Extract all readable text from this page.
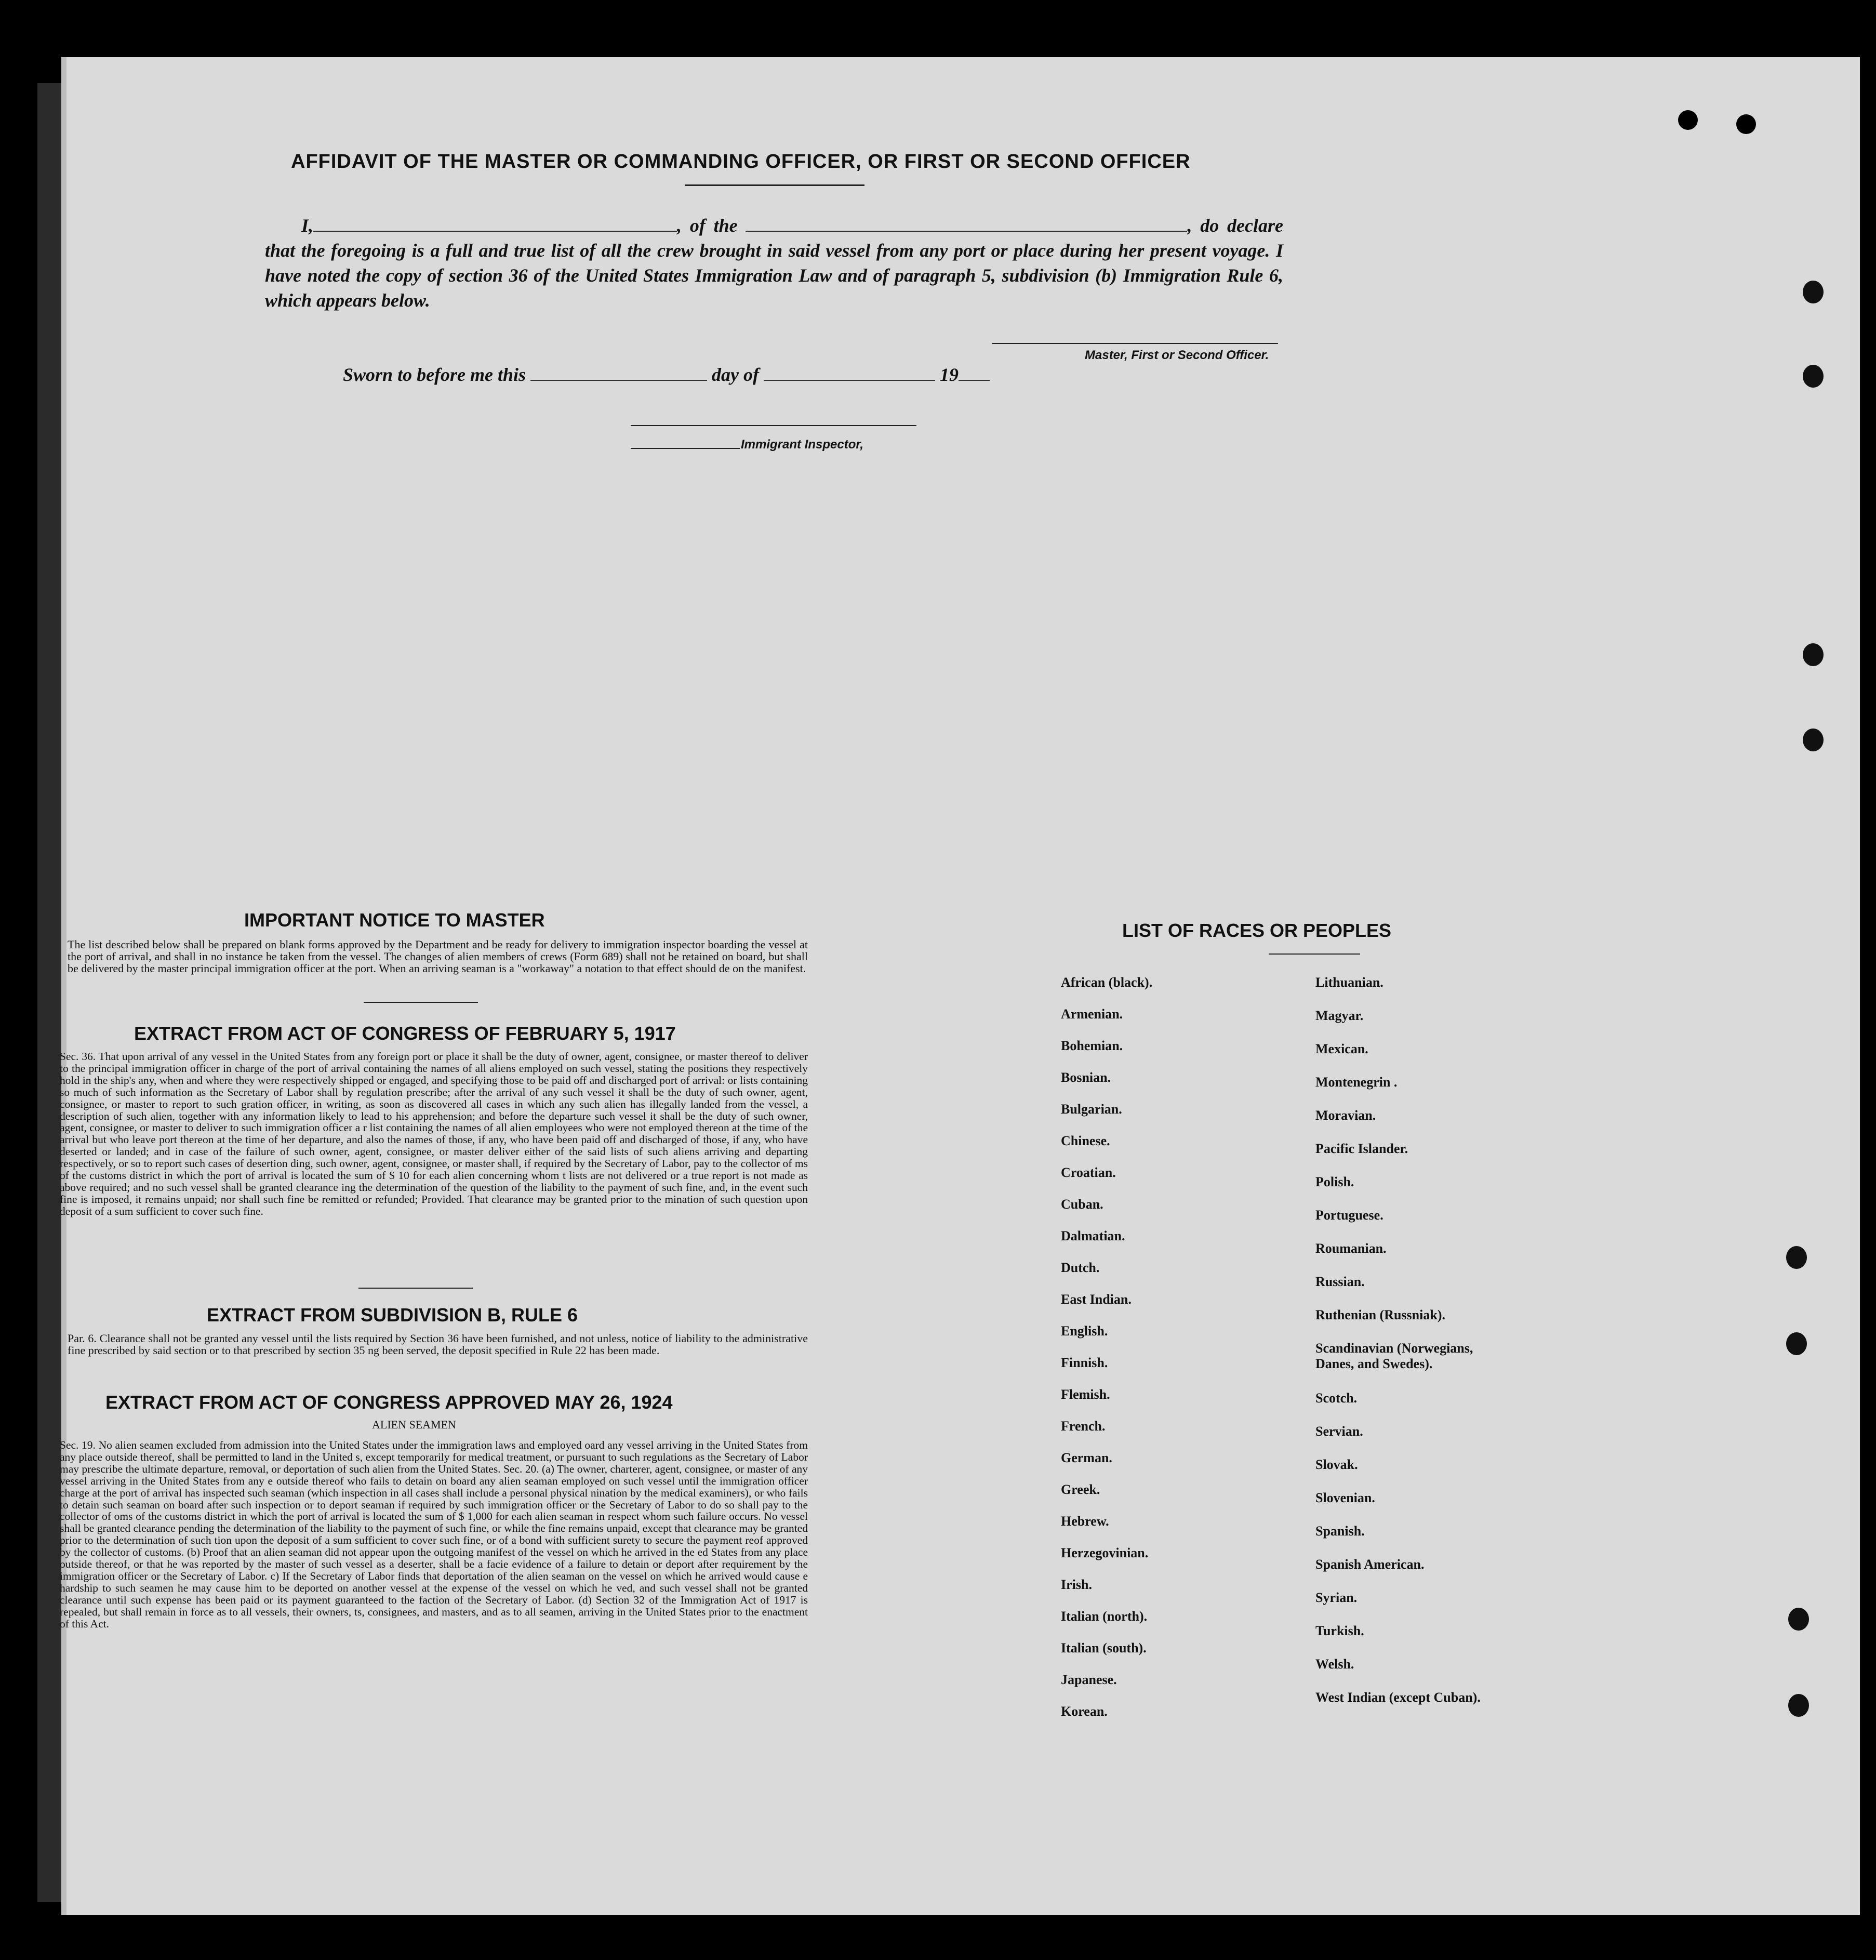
AFFIDAVIT OF THE MASTER OR COMMANDING OFFICER, OR FIRST OR SECOND OFFICER
I,	, of the	, do declare that the foregoing is a full and true list of all the crew brought in said vessel from any port or place during her present voyage. I have noted the copy of section 36 of the United States Immigration Law and of paragraph 5, subdivision (b) Immigration Rule 6, which appears below.
Master, First or Second Officer.
Sworn to before me this	day of	19
Immigrant Inspector,
IMPORTANT NOTICE TO MASTER
The list described below shall be prepared on blank forms approved by the Department and be ready for delivery to immigration inspector boarding the vessel at the port of arrival, and shall in no instance be taken from the vessel. The changes of alien members of crews (Form 689) shall not be retained on board, but shall be delivered by the master principal immigration officer at the port. When an arriving seaman is a "workaway" a notation to that effect should de on the manifest.
EXTRACT FROM ACT OF CONGRESS OF FEBRUARY 5, 1917
Sec. 36. That upon arrival of any vessel in the United States from any foreign port or place it shall be the duty of owner, agent, consignee, or master thereof to deliver to the principal immigration officer in charge of the port of arrival containing the names of all aliens employed on such vessel, stating the positions they respectively hold in the ship's any, when and where they were respectively shipped or engaged, and specifying those to be paid off and discharged port of arrival: or lists containing so much of such information as the Secretary of Labor shall by regulation prescribe; after the arrival of any such vessel it shall be the duty of such owner, agent, consignee, or master to report to such gration officer, in writing, as soon as discovered all cases in which any such alien has illegally landed from the vessel, a description of such alien, together with any information likely to lead to his apprehension; and before the departure such vessel it shall be the duty of such owner, agent, consignee, or master to deliver to such immigration officer a r list containing the names of all alien employees who were not employed thereon at the time of the arrival but who leave port thereon at the time of her departure, and also the names of those, if any, who have been paid off and discharged of those, if any, who have deserted or landed; and in case of the failure of such owner, agent, consignee, or master deliver either of the said lists of such aliens arriving and departing respectively, or so to report such cases of desertion ding, such owner, agent, consignee, or master shall, if required by the Secretary of Labor, pay to the collector of ms of the customs district in which the port of arrival is located the sum of $ 10 for each alien concerning whom t lists are not delivered or a true report is not made as above required; and no such vessel shall be granted clearance ing the determination of the question of the liability to the payment of such fine, and, in the event such fine is imposed, it remains unpaid; nor shall such fine be remitted or refunded; Provided. That clearance may be granted prior to the mination of such question upon deposit of a sum sufficient to cover such fine.
EXTRACT FROM SUBDIVISION B, RULE 6
Par. 6. Clearance shall not be granted any vessel until the lists required by Section 36 have been furnished, and not unless, notice of liability to the administrative fine prescribed by said section or to that prescribed by section 35 ng been served, the deposit specified in Rule 22 has been made.
EXTRACT FROM ACT OF CONGRESS APPROVED MAY 26, 1924
ALIEN SEAMEN
Sec. 19. No alien seamen excluded from admission into the United States under the immigration laws and employed oard any vessel arriving in the United States from any place outside thereof, shall be permitted to land in the United s, except temporarily for medical treatment, or pursuant to such regulations as the Secretary of Labor may prescribe the ultimate departure, removal, or deportation of such alien from the United States. Sec. 20. (a) The owner, charterer, agent, consignee, or master of any vessel arriving in the United States from any e outside thereof who fails to detain on board any alien seaman employed on such vessel until the immigration officer charge at the port of arrival has inspected such seaman (which inspection in all cases shall include a personal physical nination by the medical examiners), or who fails to detain such seaman on board after such inspection or to deport seaman if required by such immigration officer or the Secretary of Labor to do so shall pay to the collector of oms of the customs district in which the port of arrival is located the sum of $ 1,000 for each alien seaman in respect whom such failure occurs. No vessel shall be granted clearance pending the determination of the liability to the payment of such fine, or while the fine remains unpaid, except that clearance may be granted prior to the determination of such tion upon the deposit of a sum sufficient to cover such fine, or of a bond with sufficient surety to secure the payment reof approved by the collector of customs. (b) Proof that an alien seaman did not appear upon the outgoing manifest of the vessel on which he arrived in the ed States from any place outside thereof, or that he was reported by the master of such vessel as a deserter, shall be a facie evidence of a failure to detain or deport after requirement by the immigration officer or the Secretary of Labor. c) If the Secretary of Labor finds that deportation of the alien seaman on the vessel on which he arrived would cause e hardship to such seamen he may cause him to be deported on another vessel at the expense of the vessel on which he ved, and such vessel shall not be granted clearance until such expense has been paid or its payment guaranteed to the faction of the Secretary of Labor. (d) Section 32 of the Immigration Act of 1917 is repealed, but shall remain in force as to all vessels, their owners, ts, consignees, and masters, and as to all seamen, arriving in the United States prior to the enactment of this Act.
LIST OF RACES OR PEOPLES
African (black).
Armenian.
Bohemian.
Bosnian.
Bulgarian.
Chinese.
Croatian.
Cuban.
Dalmatian.
Dutch.
East Indian.
English.
Finnish.
Flemish.
French.
German.
Greek.
Hebrew.
Herzegovinian.
Irish.
Italian (north).
Italian (south).
Japanese.
Korean.
Lithuanian.
Magyar.
Mexican.
Montenegrin .
Moravian.
Pacific Islander.
Polish.
Portuguese.
Roumanian.
Russian.
Ruthenian (Russniak).
Scandinavian (Norwegians, Danes, and Swedes).
Scotch.
Servian.
Slovak.
Slovenian.
Spanish.
Spanish American.
Syrian.
Turkish.
Welsh.
West Indian (except Cuban).
